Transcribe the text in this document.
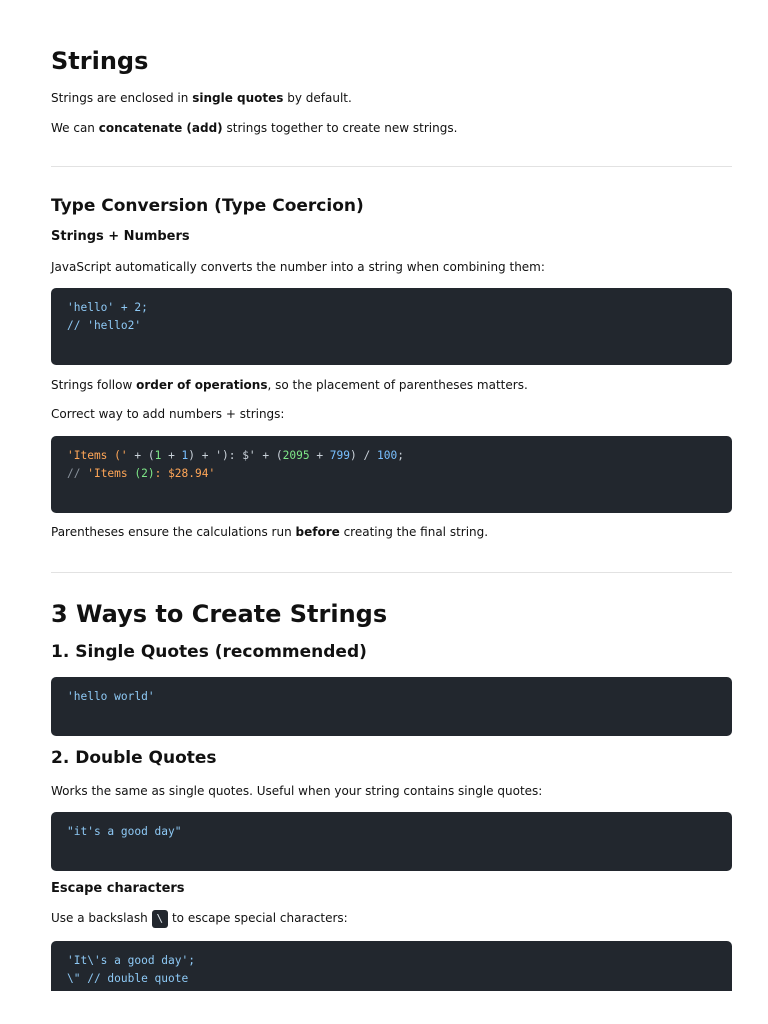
Strings

Strings are enclosed in single quotes by default.

We can concatenate (add) strings together to create new strings.

Type Conversion (Type Coercion)
Strings + Numbers

JavaScript automatically converts the number into a string when combining them:

'hello' + 2;
// 'hello2'

Strings follow order of operations, so the placement of parentheses matters.

Correct way to add numbers + strings:

'Items (' + (1 + 1) + '): $' + (2095 + 799) / 100;
// 'Items (2): $28.94'

Parentheses ensure the calculations run before creating the final string.

3 Ways to Create Strings
1. Single Quotes (recommended)
'hello world'
2. Double Quotes

Works the same as single quotes. Useful when your string contains single quotes:

"it's a good day"
Escape characters

Use a backslash \ to escape special characters:

'It\'s a good day';
\" // double quote
